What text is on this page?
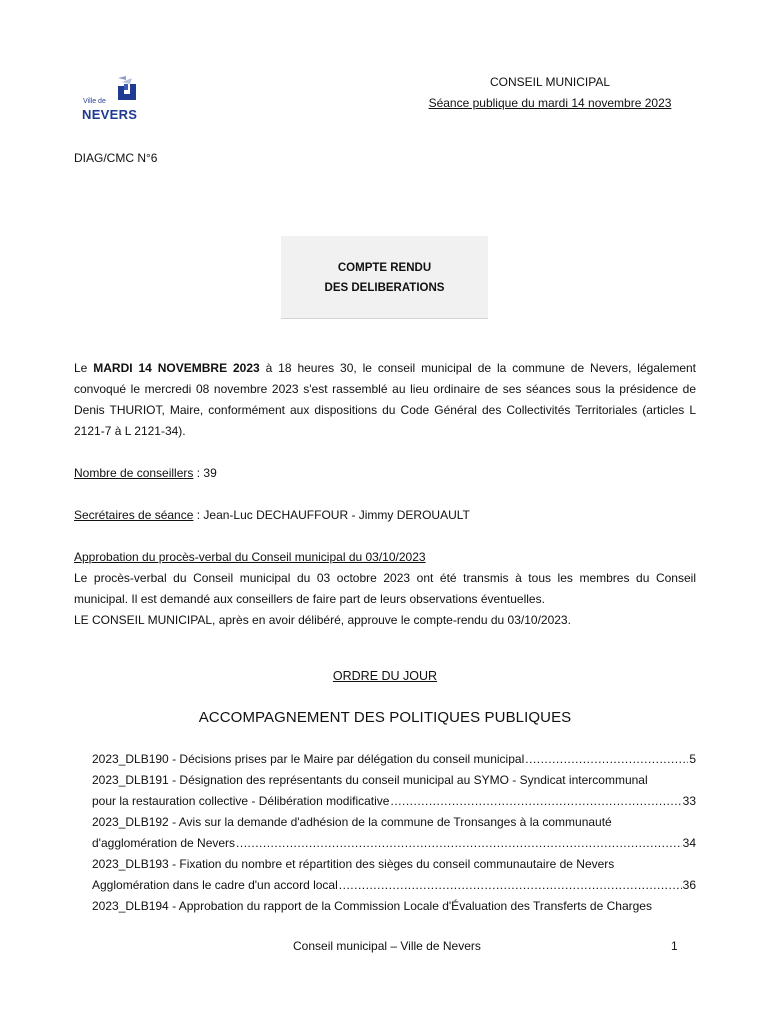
Ville de
NEVERS
CONSEIL MUNICIPAL
Séance publique du mardi 14 novembre 2023
DIAG/CMC N°6
COMPTE RENDU
DES DELIBERATIONS

Le MARDI 14 NOVEMBRE 2023 à 18 heures 30, le conseil municipal de la commune de Nevers, légalement convoqué le mercredi 08 novembre 2023 s'est rassemblé au lieu ordinaire de ses séances sous la présidence de Denis THURIOT, Maire, conformément aux dispositions du Code Général des Collectivités Territoriales (articles L 2121-7 à L 2121-34).

Nombre de conseillers : 39
Secrétaires de séance : Jean-Luc DECHAUFFOUR - Jimmy DEROUAULT

Approbation du procès-verbal du Conseil municipal du 03/10/2023

Le procès-verbal du Conseil municipal du 03 octobre 2023 ont été transmis à tous les membres du Conseil municipal. Il est demandé aux conseillers de faire part de leurs observations éventuelles.

LE CONSEIL MUNICIPAL, après en avoir délibéré, approuve le compte-rendu du 03/10/2023.

ORDRE DU JOUR
ACCOMPAGNEMENT DES POLITIQUES PUBLIQUES
2023_DLB190 - Décisions prises par le Maire par délégation du conseil municipal .....	5
2023_DLB191 - Désignation des représentants du conseil municipal au SYMO - Syndicat intercommunal
pour la restauration collective - Délibération modificative .....	33
2023_DLB192 - Avis sur la demande d'adhésion de la commune de Tronsanges à la communauté
d'agglomération de Nevers .....	34
2023_DLB193 - Fixation du nombre et répartition des sièges du conseil communautaire de Nevers
Agglomération dans le cadre d'un accord local .....	36
2023_DLB194 - Approbation du rapport de la Commission Locale d'Évaluation des Transferts de Charges
Conseil municipal – Ville de Nevers	1
